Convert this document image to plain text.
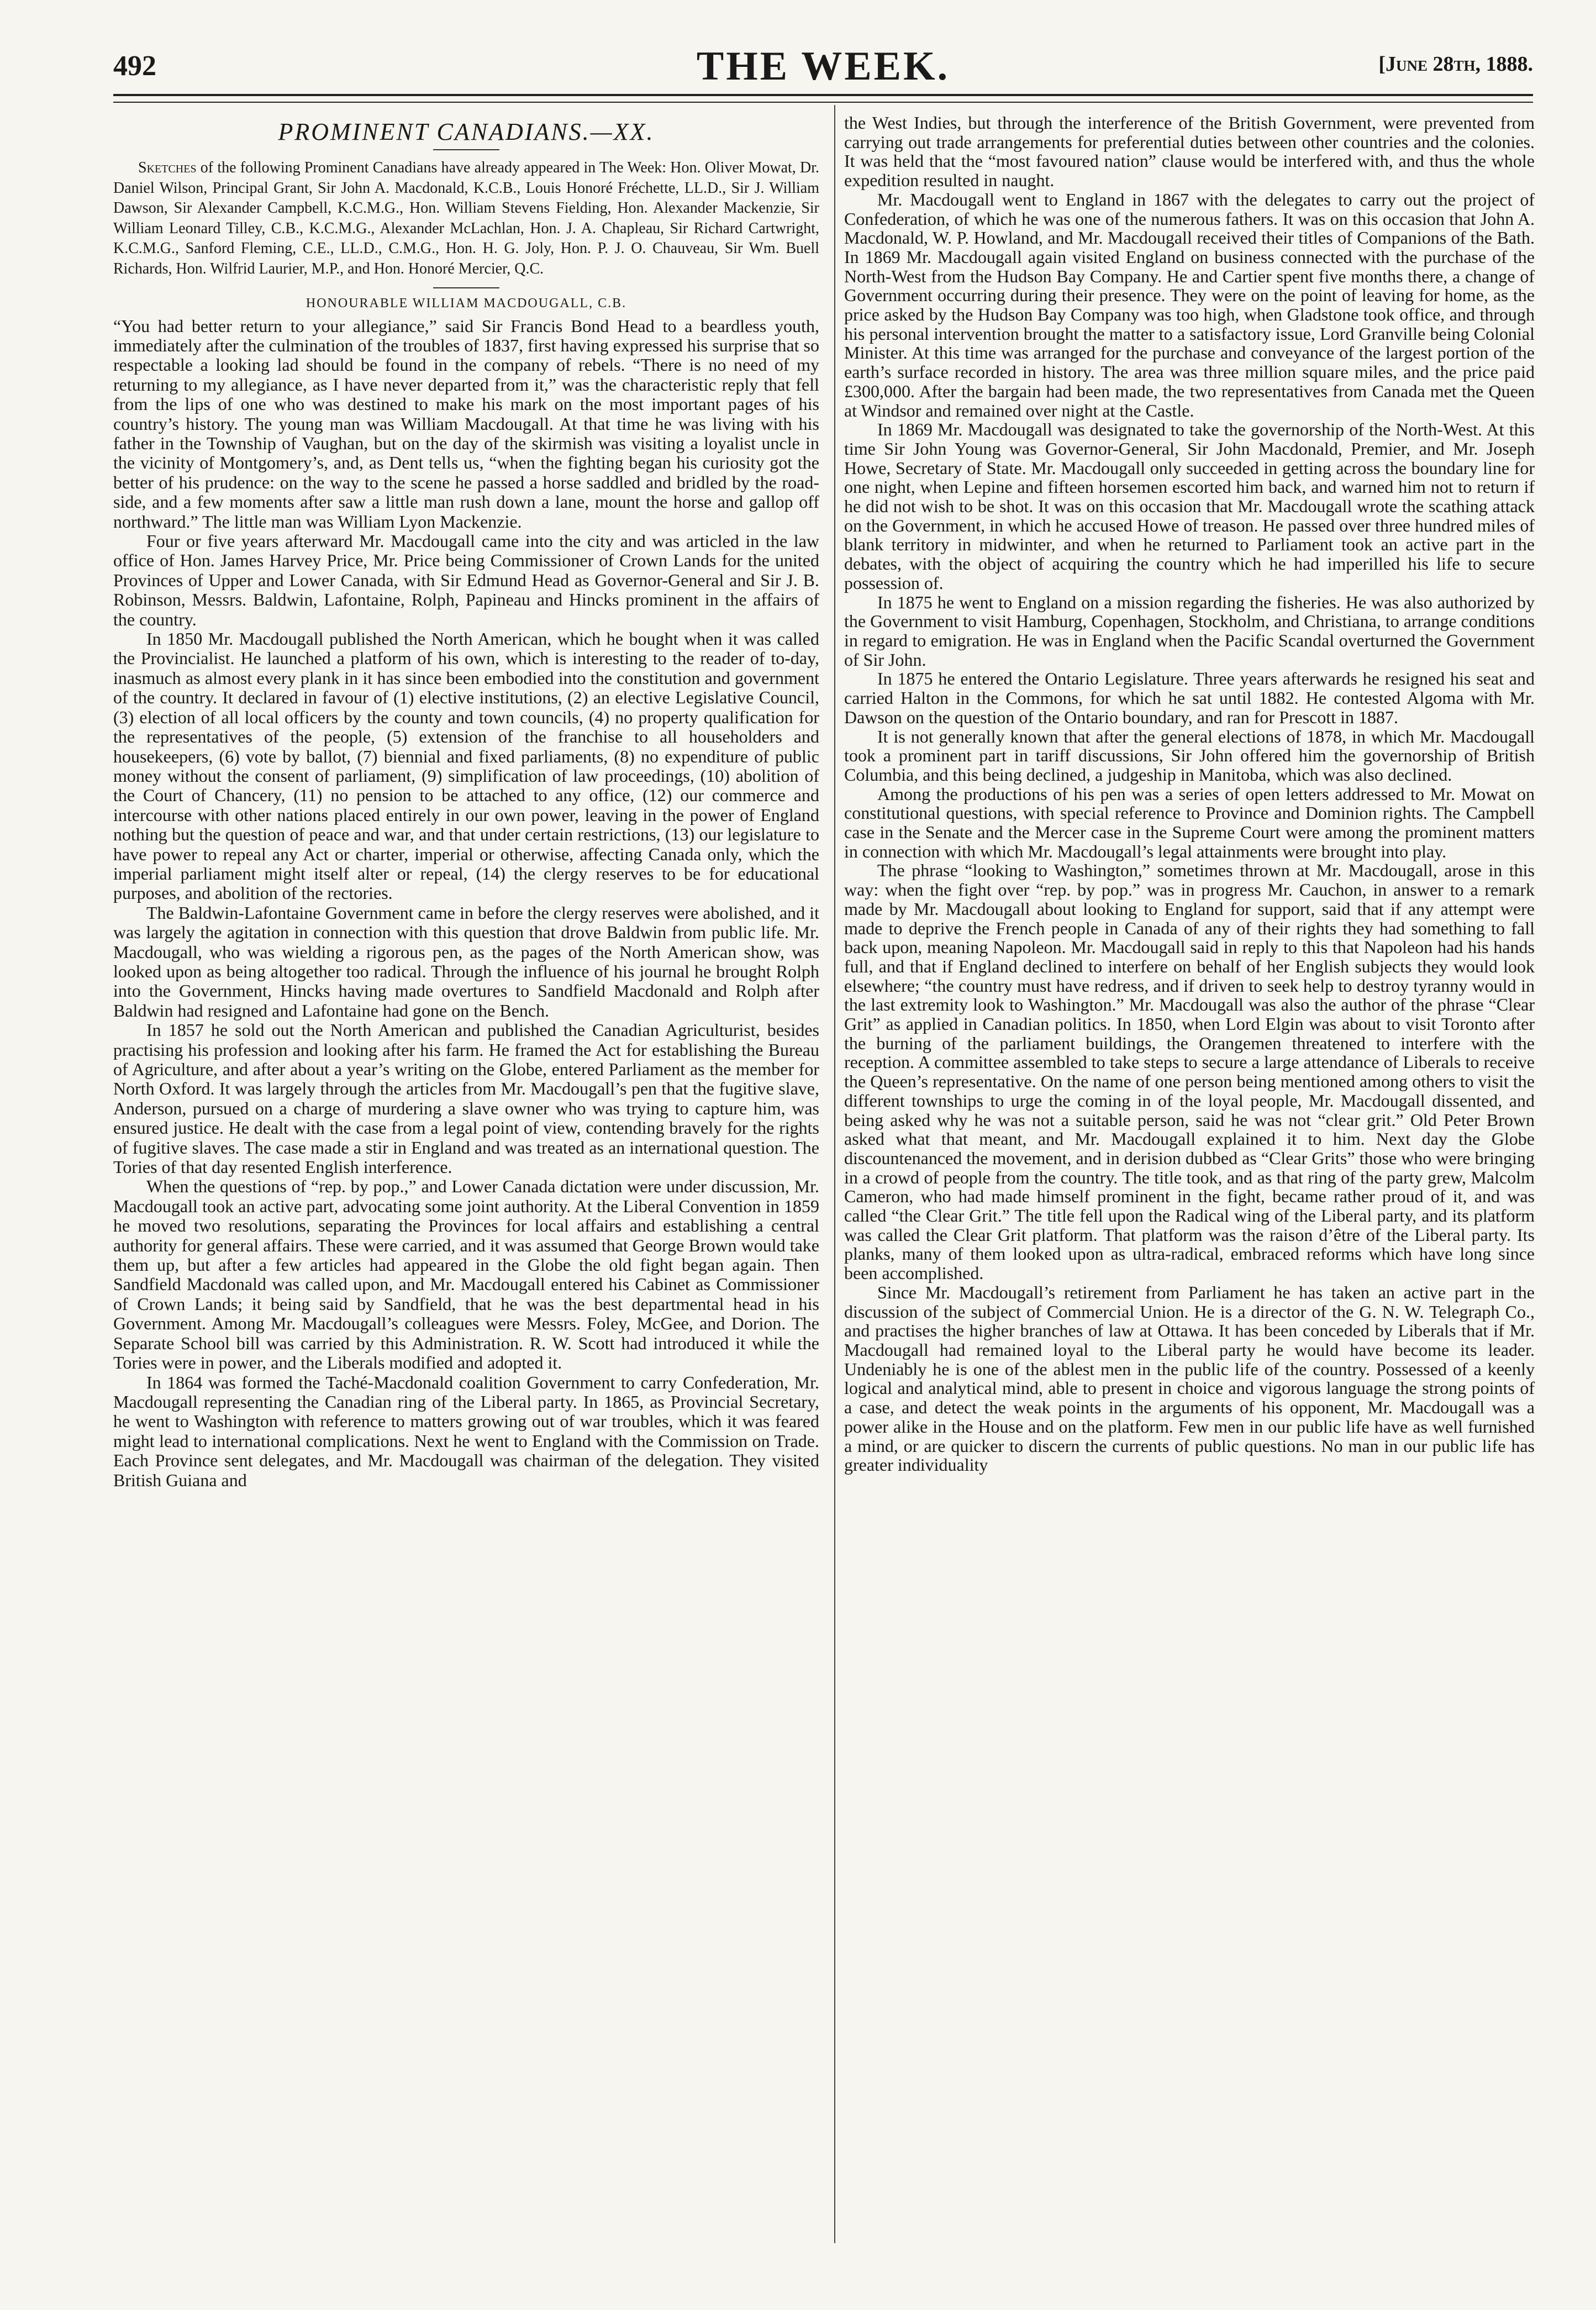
492	THE WEEK.	[June 28th, 1888.
PROMINENT CANADIANS.—XX.

Sketches of the following Prominent Canadians have already appeared in The Week: Hon. Oliver Mowat, Dr. Daniel Wilson, Principal Grant, Sir John A. Macdonald, K.C.B., Louis Honoré Fréchette, LL.D., Sir J. William Dawson, Sir Alexander Campbell, K.C.M.G., Hon. William Stevens Fielding, Hon. Alexander Mackenzie, Sir William Leonard Tilley, C.B., K.C.M.G., Alexander McLachlan, Hon. J. A. Chapleau, Sir Richard Cartwright, K.C.M.G., Sanford Fleming, C.E., LL.D., C.M.G., Hon. H. G. Joly, Hon. P. J. O. Chauveau, Sir Wm. Buell Richards, Hon. Wilfrid Laurier, M.P., and Hon. Honoré Mercier, Q.C.

HONOURABLE WILLIAM MACDOUGALL, C.B.

“You had better return to your allegiance,” said Sir Francis Bond Head to a beardless youth, immediately after the culmination of the troubles of 1837, first having expressed his surprise that so respectable a looking lad should be found in the company of rebels. “There is no need of my returning to my allegiance, as I have never departed from it,” was the characteristic reply that fell from the lips of one who was destined to make his mark on the most important pages of his country’s history. The young man was William Macdougall. At that time he was living with his father in the Township of Vaughan, but on the day of the skirmish was visiting a loyalist uncle in the vicinity of Montgomery’s, and, as Dent tells us, “when the fighting began his curiosity got the better of his prudence: on the way to the scene he passed a horse saddled and bridled by the road-side, and a few moments after saw a little man rush down a lane, mount the horse and gallop off northward.” The little man was William Lyon Mackenzie.

Four or five years afterward Mr. Macdougall came into the city and was articled in the law office of Hon. James Harvey Price, Mr. Price being Commissioner of Crown Lands for the united Provinces of Upper and Lower Canada, with Sir Edmund Head as Governor-General and Sir J. B. Robinson, Messrs. Baldwin, Lafontaine, Rolph, Papineau and Hincks prominent in the affairs of the country.

In 1850 Mr. Macdougall published the North American, which he bought when it was called the Provincialist. He launched a platform of his own, which is interesting to the reader of to-day, inasmuch as almost every plank in it has since been embodied into the constitution and government of the country. It declared in favour of (1) elective institutions, (2) an elective Legislative Council, (3) election of all local officers by the county and town councils, (4) no property qualification for the representatives of the people, (5) extension of the franchise to all householders and housekeepers, (6) vote by ballot, (7) biennial and fixed parliaments, (8) no expenditure of public money without the consent of parliament, (9) simplification of law proceedings, (10) abolition of the Court of Chancery, (11) no pension to be attached to any office, (12) our commerce and intercourse with other nations placed entirely in our own power, leaving in the power of England nothing but the question of peace and war, and that under certain restrictions, (13) our legislature to have power to repeal any Act or charter, imperial or otherwise, affecting Canada only, which the imperial parliament might itself alter or repeal, (14) the clergy reserves to be for educational purposes, and abolition of the rectories.

The Baldwin-Lafontaine Government came in before the clergy reserves were abolished, and it was largely the agitation in connection with this question that drove Baldwin from public life. Mr. Macdougall, who was wielding a rigorous pen, as the pages of the North American show, was looked upon as being altogether too radical. Through the influence of his journal he brought Rolph into the Government, Hincks having made overtures to Sandfield Macdonald and Rolph after Baldwin had resigned and Lafontaine had gone on the Bench.

In 1857 he sold out the North American and published the Canadian Agriculturist, besides practising his profession and looking after his farm. He framed the Act for establishing the Bureau of Agriculture, and after about a year’s writing on the Globe, entered Parliament as the member for North Oxford. It was largely through the articles from Mr. Macdougall’s pen that the fugitive slave, Anderson, pursued on a charge of murdering a slave owner who was trying to capture him, was ensured justice. He dealt with the case from a legal point of view, contending bravely for the rights of fugitive slaves. The case made a stir in England and was treated as an international question. The Tories of that day resented English interference.

When the questions of “rep. by pop.,” and Lower Canada dictation were under discussion, Mr. Macdougall took an active part, advocating some joint authority. At the Liberal Convention in 1859 he moved two resolutions, separating the Provinces for local affairs and establishing a central authority for general affairs. These were carried, and it was assumed that George Brown would take them up, but after a few articles had appeared in the Globe the old fight began again. Then Sandfield Macdonald was called upon, and Mr. Macdougall entered his Cabinet as Commissioner of Crown Lands; it being said by Sandfield, that he was the best departmental head in his Government. Among Mr. Macdougall’s colleagues were Messrs. Foley, McGee, and Dorion. The Separate School bill was carried by this Administration. R. W. Scott had introduced it while the Tories were in power, and the Liberals modified and adopted it.

In 1864 was formed the Taché-Macdonald coalition Government to carry Confederation, Mr. Macdougall representing the Canadian ring of the Liberal party. In 1865, as Provincial Secretary, he went to Washington with reference to matters growing out of war troubles, which it was feared might lead to international complications. Next he went to England with the Commission on Trade. Each Province sent delegates, and Mr. Macdougall was chairman of the delegation. They visited British Guiana and

the West Indies, but through the interference of the British Government, were prevented from carrying out trade arrangements for preferential duties between other countries and the colonies. It was held that the “most favoured nation” clause would be interfered with, and thus the whole expedition resulted in naught.

Mr. Macdougall went to England in 1867 with the delegates to carry out the project of Confederation, of which he was one of the numerous fathers. It was on this occasion that John A. Macdonald, W. P. Howland, and Mr. Macdougall received their titles of Companions of the Bath. In 1869 Mr. Macdougall again visited England on business connected with the purchase of the North-West from the Hudson Bay Company. He and Cartier spent five months there, a change of Government occurring during their presence. They were on the point of leaving for home, as the price asked by the Hudson Bay Company was too high, when Gladstone took office, and through his personal intervention brought the matter to a satisfactory issue, Lord Granville being Colonial Minister. At this time was arranged for the purchase and conveyance of the largest portion of the earth’s surface recorded in history. The area was three million square miles, and the price paid £300,000. After the bargain had been made, the two representatives from Canada met the Queen at Windsor and remained over night at the Castle.

In 1869 Mr. Macdougall was designated to take the governorship of the North-West. At this time Sir John Young was Governor-General, Sir John Macdonald, Premier, and Mr. Joseph Howe, Secretary of State. Mr. Macdougall only succeeded in getting across the boundary line for one night, when Lepine and fifteen horsemen escorted him back, and warned him not to return if he did not wish to be shot. It was on this occasion that Mr. Macdougall wrote the scathing attack on the Government, in which he accused Howe of treason. He passed over three hundred miles of blank territory in midwinter, and when he returned to Parliament took an active part in the debates, with the object of acquiring the country which he had imperilled his life to secure possession of.

In 1875 he went to England on a mission regarding the fisheries. He was also authorized by the Government to visit Hamburg, Copenhagen, Stockholm, and Christiana, to arrange conditions in regard to emigration. He was in England when the Pacific Scandal overturned the Government of Sir John.

In 1875 he entered the Ontario Legislature. Three years afterwards he resigned his seat and carried Halton in the Commons, for which he sat until 1882. He contested Algoma with Mr. Dawson on the question of the Ontario boundary, and ran for Prescott in 1887.

It is not generally known that after the general elections of 1878, in which Mr. Macdougall took a prominent part in tariff discussions, Sir John offered him the governorship of British Columbia, and this being declined, a judgeship in Manitoba, which was also declined.

Among the productions of his pen was a series of open letters addressed to Mr. Mowat on constitutional questions, with special reference to Province and Dominion rights. The Campbell case in the Senate and the Mercer case in the Supreme Court were among the prominent matters in connection with which Mr. Macdougall’s legal attainments were brought into play.

The phrase “looking to Washington,” sometimes thrown at Mr. Macdougall, arose in this way: when the fight over “rep. by pop.” was in progress Mr. Cauchon, in answer to a remark made by Mr. Macdougall about looking to England for support, said that if any attempt were made to deprive the French people in Canada of any of their rights they had something to fall back upon, meaning Napoleon. Mr. Macdougall said in reply to this that Napoleon had his hands full, and that if England declined to interfere on behalf of her English subjects they would look elsewhere; “the country must have redress, and if driven to seek help to destroy tyranny would in the last extremity look to Washington.” Mr. Macdougall was also the author of the phrase “Clear Grit” as applied in Canadian politics. In 1850, when Lord Elgin was about to visit Toronto after the burning of the parliament buildings, the Orangemen threatened to interfere with the reception. A committee assembled to take steps to secure a large attendance of Liberals to receive the Queen’s representative. On the name of one person being mentioned among others to visit the different townships to urge the coming in of the loyal people, Mr. Macdougall dissented, and being asked why he was not a suitable person, said he was not “clear grit.” Old Peter Brown asked what that meant, and Mr. Macdougall explained it to him. Next day the Globe discountenanced the movement, and in derision dubbed as “Clear Grits” those who were bringing in a crowd of people from the country. The title took, and as that ring of the party grew, Malcolm Cameron, who had made himself prominent in the fight, became rather proud of it, and was called “the Clear Grit.” The title fell upon the Radical wing of the Liberal party, and its platform was called the Clear Grit platform. That platform was the raison d’être of the Liberal party. Its planks, many of them looked upon as ultra-radical, embraced reforms which have long since been accomplished.

Since Mr. Macdougall’s retirement from Parliament he has taken an active part in the discussion of the subject of Commercial Union. He is a director of the G. N. W. Telegraph Co., and practises the higher branches of law at Ottawa. It has been conceded by Liberals that if Mr. Macdougall had remained loyal to the Liberal party he would have become its leader. Undeniably he is one of the ablest men in the public life of the country. Possessed of a keenly logical and analytical mind, able to present in choice and vigorous language the strong points of a case, and detect the weak points in the arguments of his opponent, Mr. Macdougall was a power alike in the House and on the platform. Few men in our public life have as well furnished a mind, or are quicker to discern the currents of public questions. No man in our public life has greater individuality
